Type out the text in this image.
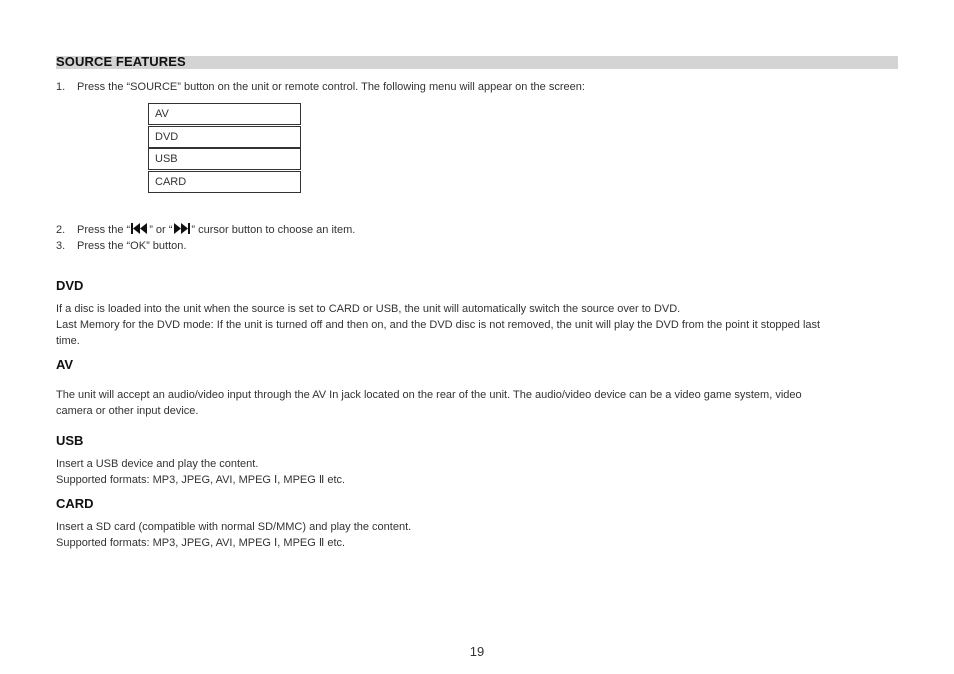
SOURCE FEATURES
1. Press the “SOURCE” button on the unit or remote control. The following menu will appear on the screen:
AV
DVD
USB
CARD
2. Press the “ ” or “ ” cursor button to choose an item.
3. Press the “OK” button.
DVD
If a disc is loaded into the unit when the source is set to CARD or USB, the unit will automatically switch the source over to DVD.
Last Memory for the DVD mode: If the unit is turned off and then on, and the DVD disc is not removed, the unit will play the DVD from the point it stopped last time.
AV
The unit will accept an audio/video input through the AV In jack located on the rear of the unit. The audio/video device can be a video game system, video camera or other input device.
USB
Insert a USB device and play the content.
Supported formats: MP3, JPEG, AVI, MPEG Ⅰ, MPEG Ⅱ etc.
CARD
Insert a SD card (compatible with normal SD/MMC) and play the content.
Supported formats: MP3, JPEG, AVI, MPEG Ⅰ, MPEG Ⅱ etc.
19
